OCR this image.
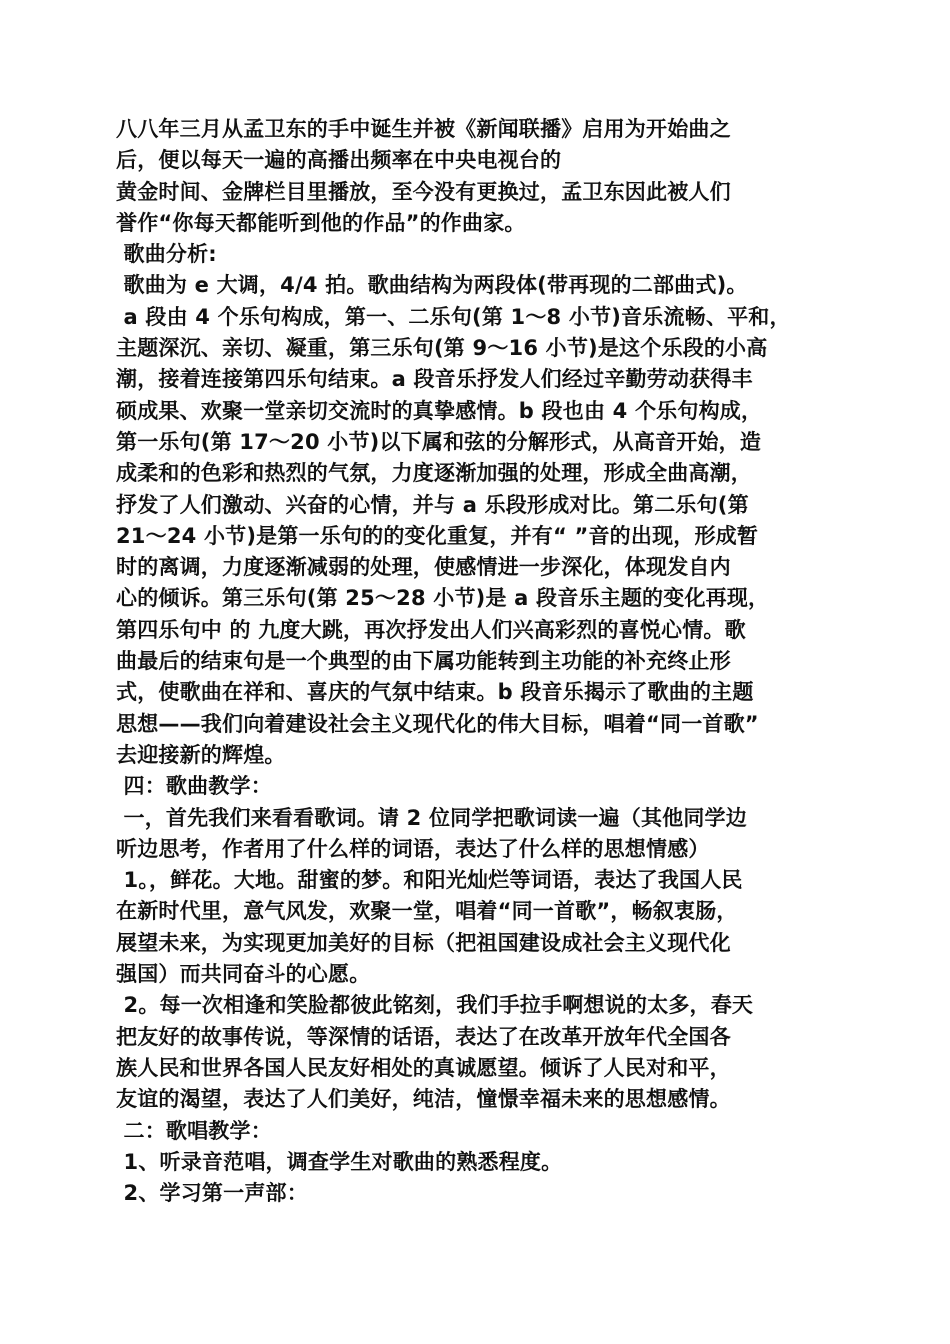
八八年三月从孟卫东的手中诞生并被《新闻联播》启用为开始曲之
后，便以每天一遍的高播出频率在中央电视台的
黄金时间、金牌栏目里播放，至今没有更换过，孟卫东因此被人们
誉作“你每天都能听到他的作品”的作曲家。
歌曲分析:
歌曲为 e 大调，4/4 拍。歌曲结构为两段体(带再现的二部曲式)。
a 段由 4 个乐句构成，第一、二乐句(第 1～8 小节)音乐流畅、平和，
主题深沉、亲切、凝重，第三乐句(第 9～16 小节)是这个乐段的小高
潮，接着连接第四乐句结束。a 段音乐抒发人们经过辛勤劳动获得丰
硕成果、欢聚一堂亲切交流时的真挚感情。b 段也由 4 个乐句构成，
第一乐句(第 17～20 小节)以下属和弦的分解形式，从高音开始，造
成柔和的色彩和热烈的气氛，力度逐渐加强的处理，形成全曲高潮，
抒发了人们激动、兴奋的心情，并与 a 乐段形成对比。第二乐句(第
21～24 小节)是第一乐句的的变化重复，并有“ ”音的出现，形成暂
时的离调，力度逐渐减弱的处理，使感情进一步深化，体现发自内
心的倾诉。第三乐句(第 25～28 小节)是 a 段音乐主题的变化再现，
第四乐句中 的 九度大跳，再次抒发出人们兴高彩烈的喜悦心情。歌
曲最后的结束句是一个典型的由下属功能转到主功能的补充终止形
式，使歌曲在祥和、喜庆的气氛中结束。b 段音乐揭示了歌曲的主题
思想——我们向着建设社会主义现代化的伟大目标，唱着“同一首歌”
去迎接新的辉煌。
四：歌曲教学：
一，首先我们来看看歌词。请 2 位同学把歌词读一遍（其他同学边
听边思考，作者用了什么样的词语，表达了什么样的思想情感）
1。，鲜花。大地。甜蜜的梦。和阳光灿烂等词语，表达了我国人民
在新时代里，意气风发，欢聚一堂，唱着“同一首歌”，畅叙衷肠，
展望未来，为实现更加美好的目标（把祖国建设成社会主义现代化
强国）而共同奋斗的心愿。
2。每一次相逢和笑脸都彼此铭刻，我们手拉手啊想说的太多，春天
把友好的故事传说，等深情的话语，表达了在改革开放年代全国各
族人民和世界各国人民友好相处的真诚愿望。倾诉了人民对和平，
友谊的渴望，表达了人们美好，纯洁，憧憬幸福未来的思想感情。
二：歌唱教学：
1、听录音范唱，调查学生对歌曲的熟悉程度。
2、学习第一声部：
